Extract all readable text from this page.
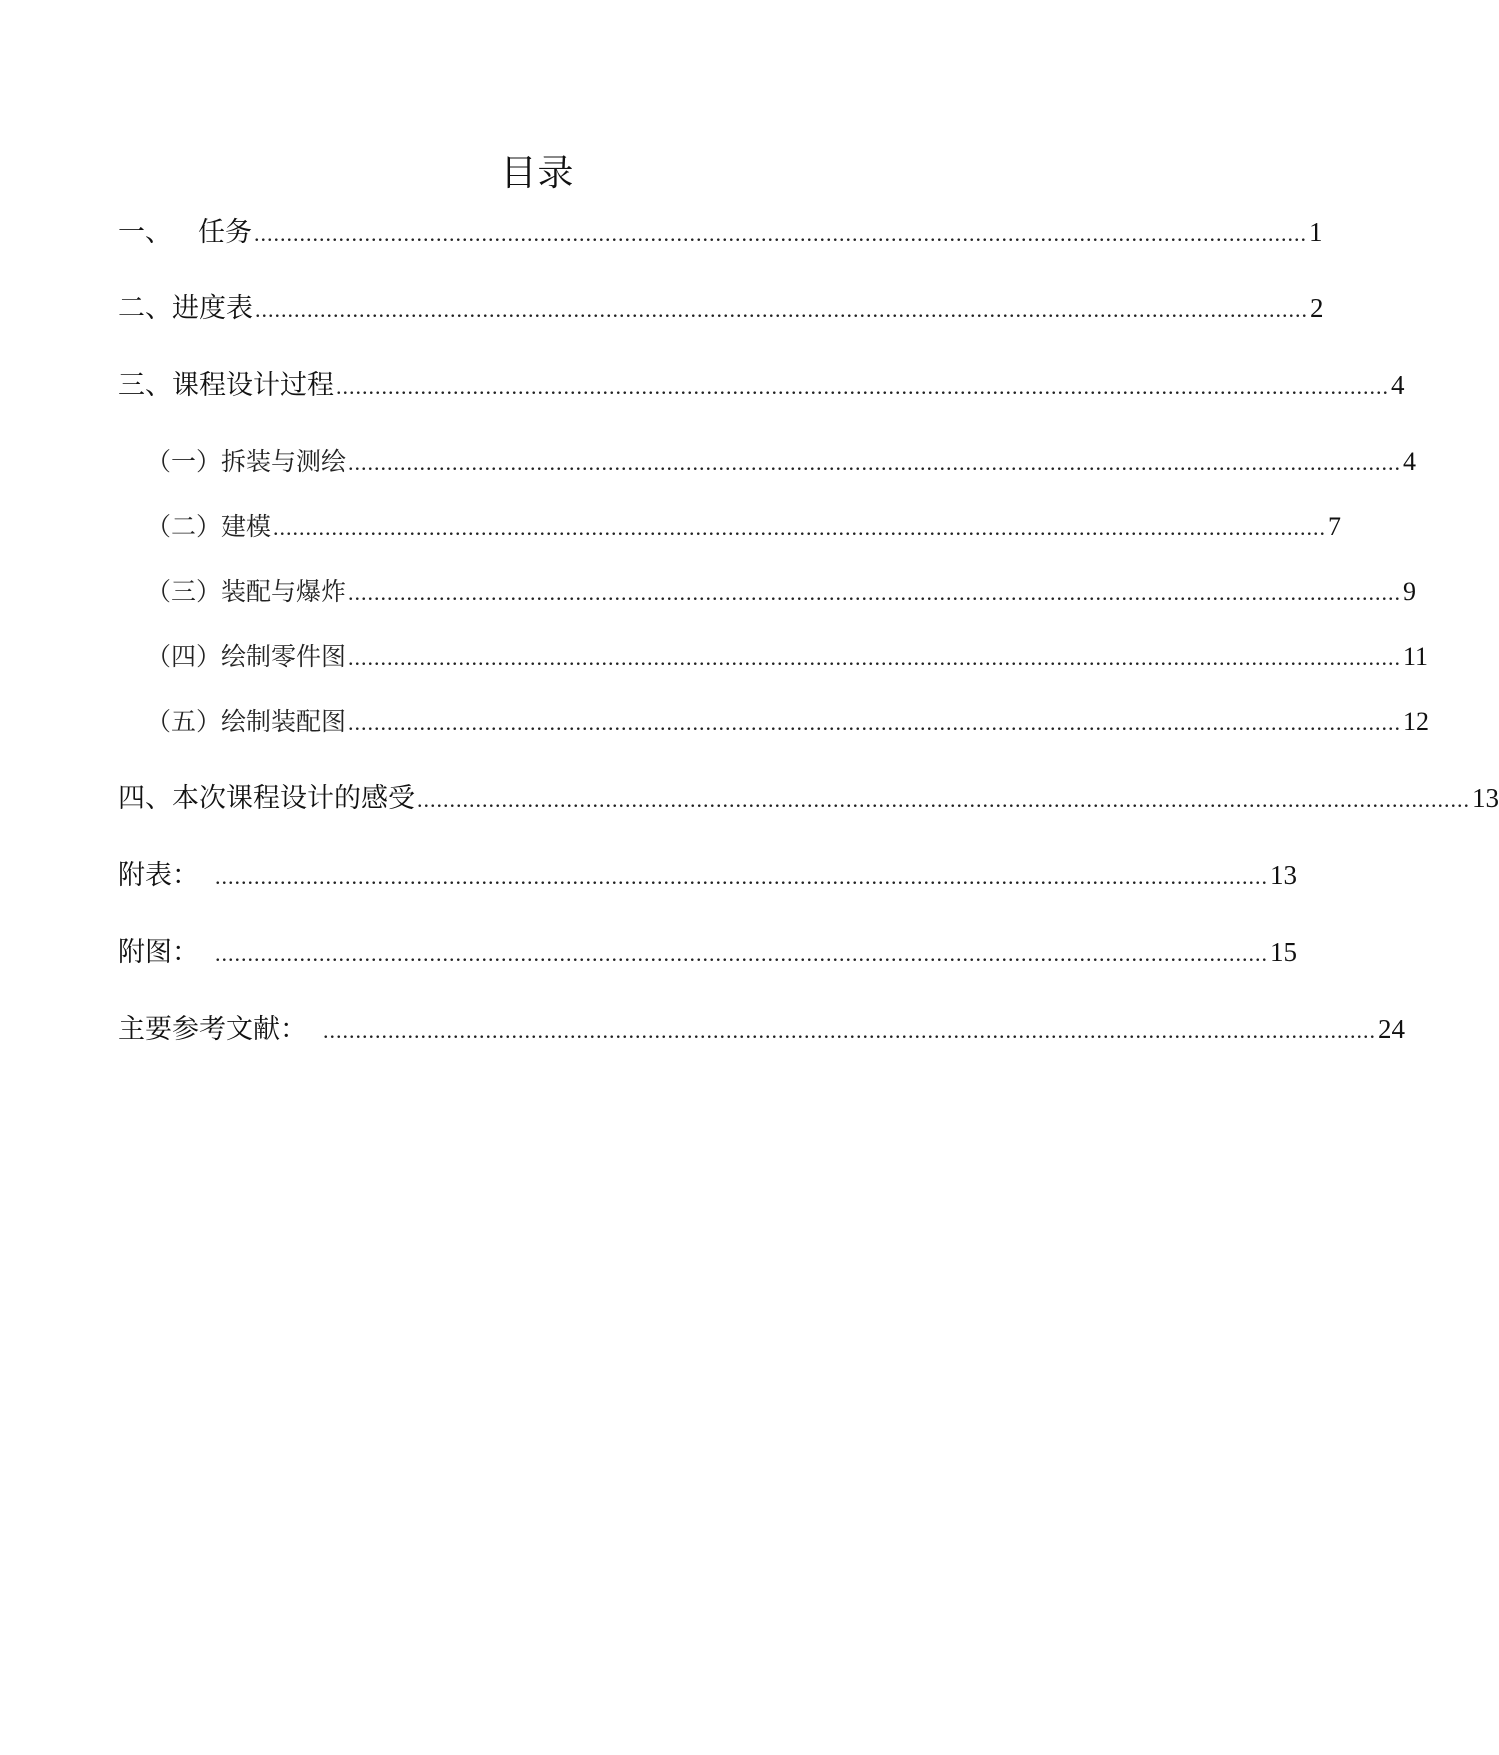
目录
一、 任务 .................................................................................................................................................................. 1
二、进度表 .................................................................................................................................................................. 2
三、课程设计过程 .................................................................................................................................................................. 4
（一）拆装与测绘 .................................................................................................................................................................. 4
（二）建模 .................................................................................................................................................................. 7
（三）装配与爆炸 .................................................................................................................................................................. 9
（四）绘制零件图 .................................................................................................................................................................. 11
（五）绘制装配图 .................................................................................................................................................................. 12
四、本次课程设计的感受 .................................................................................................................................................................. 13
附表： .................................................................................................................................................................. 13
附图： .................................................................................................................................................................. 15
主要参考文献： .................................................................................................................................................................. 24
